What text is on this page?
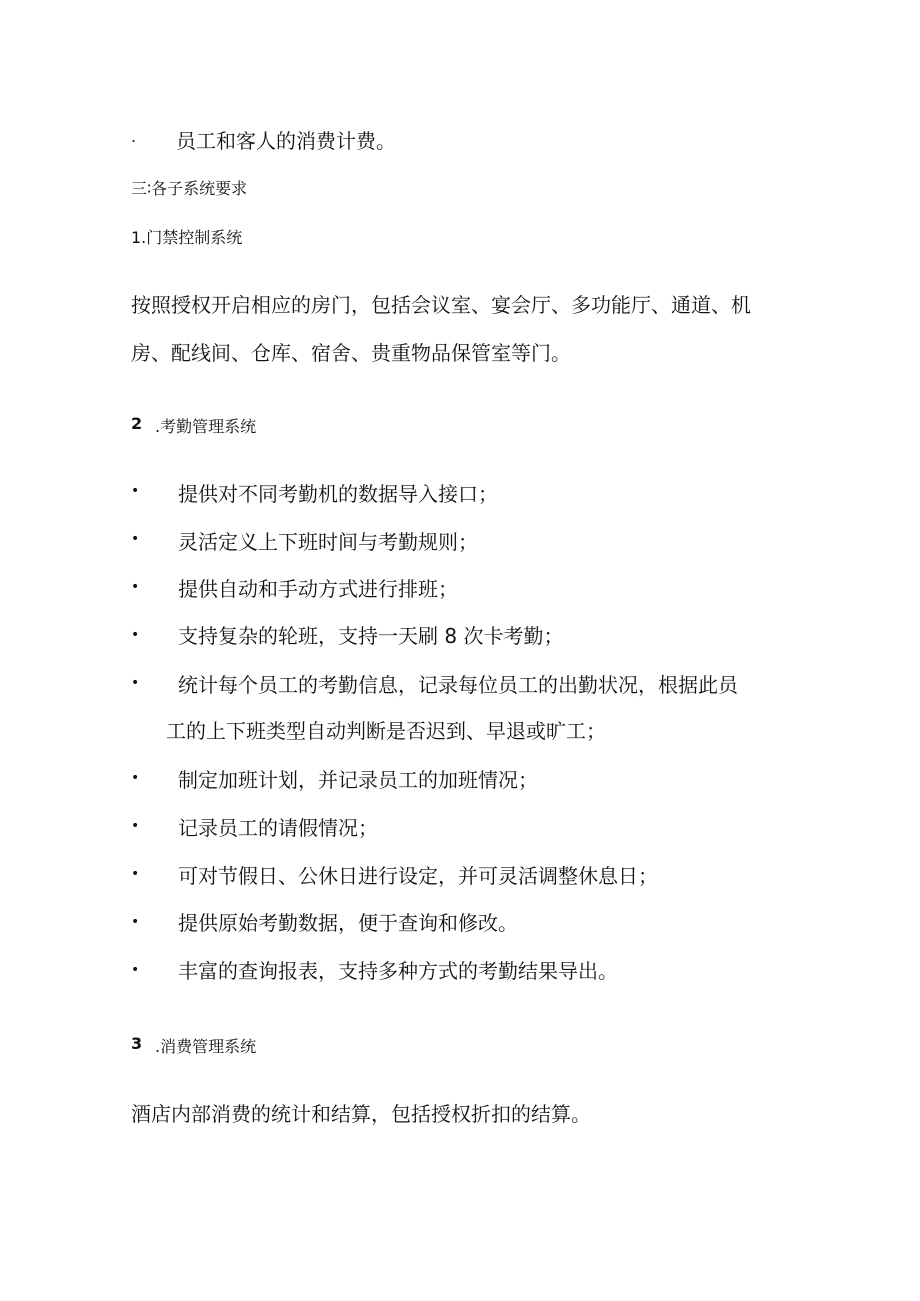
. 员工和客人的消费计费。
三∶各子系统要求
1.门禁控制系统
按照授权开启相应的房门，包括会议室、宴会厅、多功能厅、通道、机
房、配线间、仓库、宿舍、贵重物品保管室等门。
2 .考勤管理系统
• 提供对不同考勤机的数据导入接口；
• 灵活定义上下班时间与考勤规则；
• 提供自动和手动方式进行排班；
• 支持复杂的轮班，支持一天刷 8 次卡考勤；
• 统计每个员工的考勤信息，记录每位员工的出勤状况，根据此员
工的上下班类型自动判断是否迟到、早退或旷工；
• 制定加班计划，并记录员工的加班情况；
• 记录员工的请假情况；
• 可对节假日、公休日进行设定，并可灵活调整休息日；
• 提供原始考勤数据，便于查询和修改。
• 丰富的查询报表，支持多种方式的考勤结果导出。
3 .消费管理系统
酒店内部消费的统计和结算，包括授权折扣的结算。
